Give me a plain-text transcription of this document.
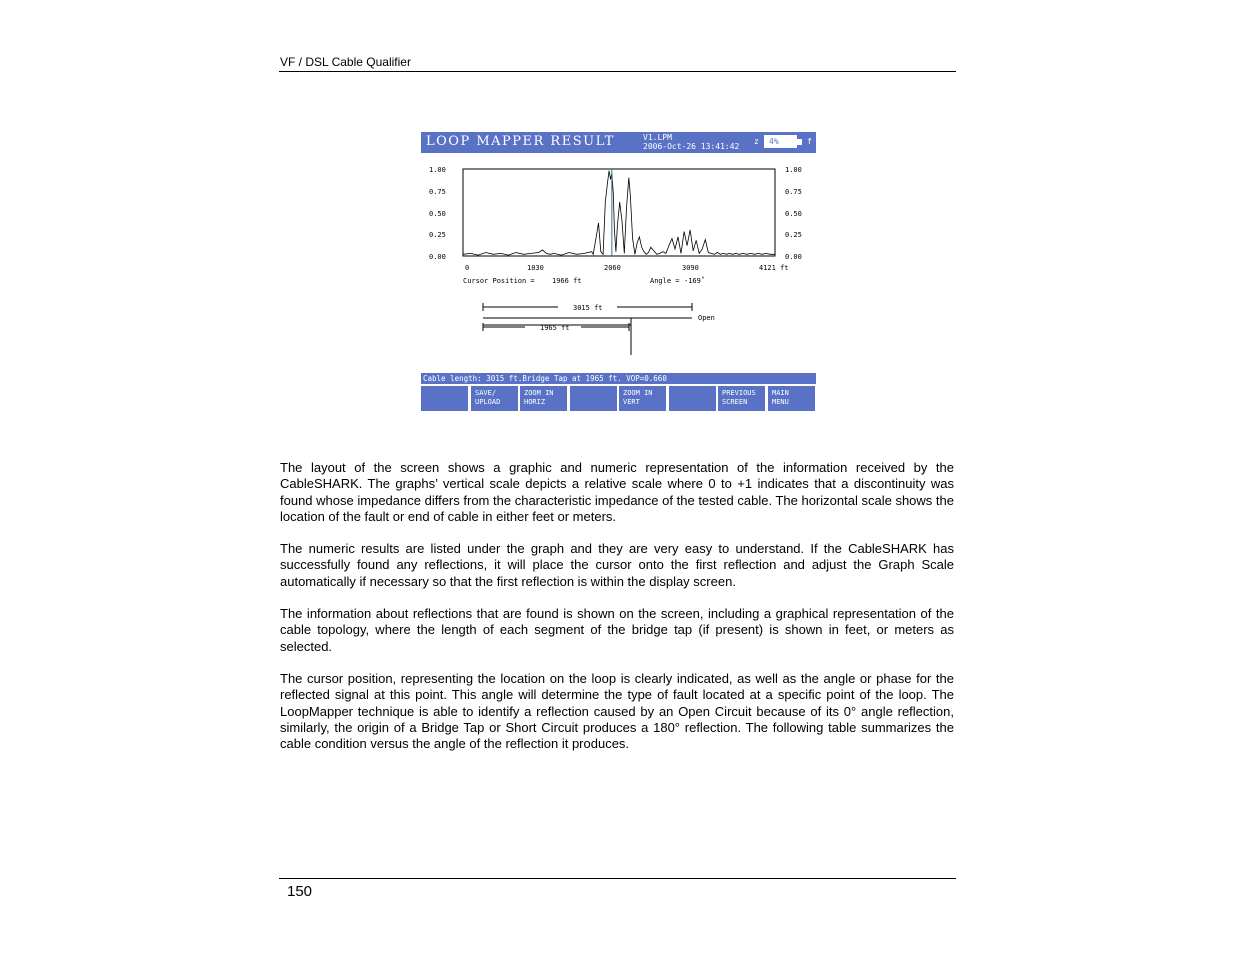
VF / DSL Cable Qualifier
LOOP MAPPER RESULT	V1.LPM
2006-Oct-26 13:41:42
z	4%	f
1.00
0.75
0.50
0.25
0.00
1.00
0.75
0.50
0.25
0.00
0	1030	2060	3090	4121 ft
Cursor Position = 1966 ft	Angle = -169˚
3015 ft
1965 ft
Open
Cable length: 3015 ft.Bridge Tap at 1965 ft. VOP=0.660
SAVE/
UPLOAD
ZOOM IN
HORIZ
ZOOM IN
VERT
PREVIOUS
SCREEN
MAIN
MENU

The layout of the screen shows a graphic and numeric representation of the information received by the CableSHARK. The graphs’ vertical scale depicts a relative scale where 0 to +1 indicates that a discontinuity was found whose impedance differs from the characteristic impedance of the tested cable. The horizontal scale shows the location of the fault or end of cable in either feet or meters.

The numeric results are listed under the graph and they are very easy to understand. If the CableSHARK has successfully found any reflections, it will place the cursor onto the first reflection and adjust the Graph Scale automatically if necessary so that the first reflection is within the display screen.

The information about reflections that are found is shown on the screen, including a graphical representation of the cable topology, where the length of each segment of the bridge tap (if present) is shown in feet, or meters as selected.

The cursor position, representing the location on the loop is clearly indicated, as well as the angle or phase for the reflected signal at this point. This angle will determine the type of fault located at a specific point of the loop. The LoopMapper technique is able to identify a reflection caused by an Open Circuit because of its 0° angle reflection, similarly, the origin of a Bridge Tap or Short Circuit produces a 180° reflection. The following table summarizes the cable condition versus the angle of the reflection it produces.

150
